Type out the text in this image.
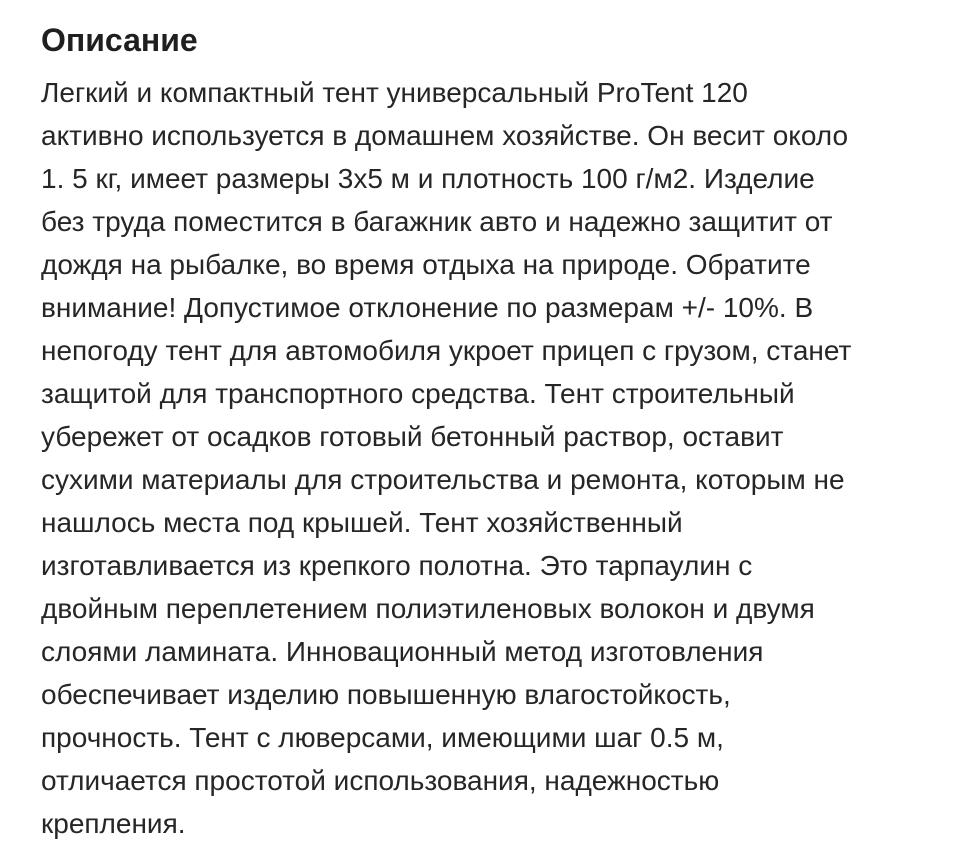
Описание

Легкий и компактный тент универсальный ProTent 120
активно используется в домашнем хозяйстве. Он весит около
1. 5 кг, имеет размеры 3х5 м и плотность 100 г/м2. Изделие
без труда поместится в багажник авто и надежно защитит от
дождя на рыбалке, во время отдыха на природе. Обратите
внимание! Допустимое отклонение по размерам +/- 10%. В
непогоду тент для автомобиля укроет прицеп с грузом, станет
защитой для транспортного средства. Тент строительный
убережет от осадков готовый бетонный раствор, оставит
сухими материалы для строительства и ремонта, которым не
нашлось места под крышей. Тент хозяйственный
изготавливается из крепкого полотна. Это тарпаулин с
двойным переплетением полиэтиленовых волокон и двумя
слоями ламината. Инновационный метод изготовления
обеспечивает изделию повышенную влагостойкость,
прочность. Тент с люверсами, имеющими шаг 0.5 м,
отличается простотой использования, надежностью
крепления.
